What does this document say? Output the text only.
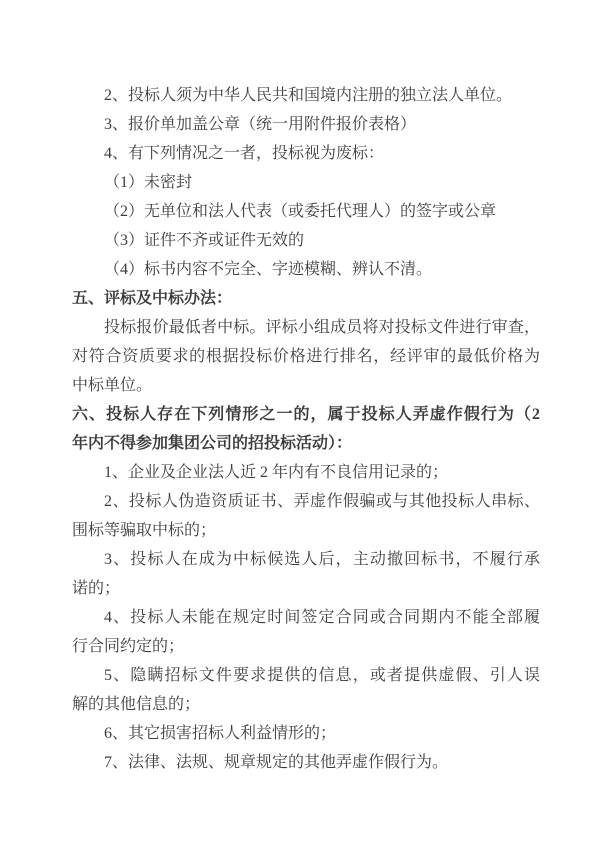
2、投标人须为中华人民共和国境内注册的独立法人单位。
3、报价单加盖公章（统一用附件报价表格）
4、有下列情况之一者，投标视为废标：
（1）未密封
（2）无单位和法人代表（或委托代理人）的签字或公章
（3）证件不齐或证件无效的
（4）标书内容不完全、字迹模糊、辨认不清。
五、评标及中标办法：
投标报价最低者中标。评标小组成员将对投标文件进行审查，
对符合资质要求的根据投标价格进行排名，经评审的最低价格为
中标单位。
六、投标人存在下列情形之一的，属于投标人弄虚作假行为（2
年内不得参加集团公司的招投标活动）：
1、企业及企业法人近 2 年内有不良信用记录的；
2、投标人伪造资质证书、弄虚作假骗或与其他投标人串标、
围标等骗取中标的；
3、投标人在成为中标候选人后，主动撤回标书，不履行承
诺的；
4、投标人未能在规定时间签定合同或合同期内不能全部履
行合同约定的；
5、隐瞒招标文件要求提供的信息，或者提供虚假、引人误
解的其他信息的；
6、其它损害招标人利益情形的；
7、法律、法规、规章规定的其他弄虚作假行为。
